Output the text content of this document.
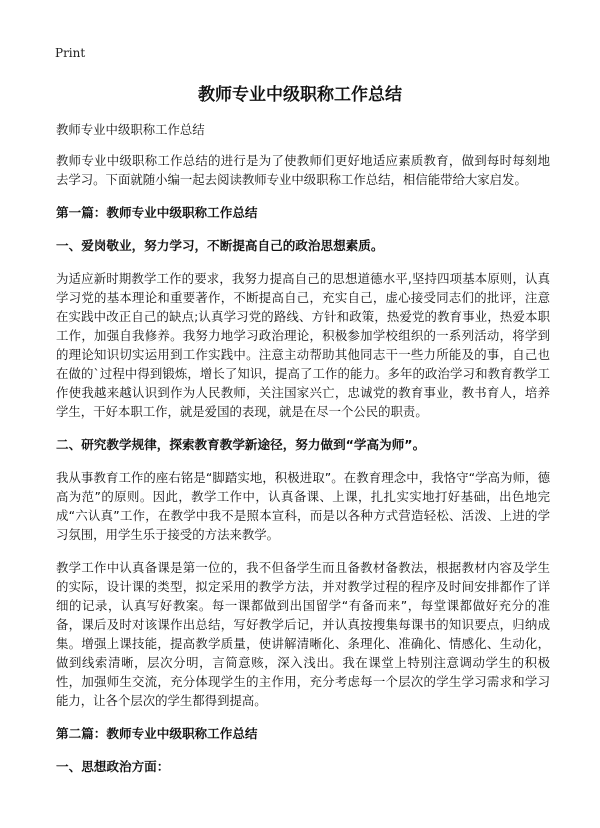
Print
教师专业中级职称工作总结

教师专业中级职称工作总结

教师专业中级职称工作总结的进行是为了使教师们更好地适应素质教育，做到每时每刻地去学习。下面就随小编一起去阅读教师专业中级职称工作总结，相信能带给大家启发。

第一篇：教师专业中级职称工作总结
一、爱岗敬业，努力学习，不断提高自己的政治思想素质。

为适应新时期教学工作的要求，我努力提高自己的思想道德水平,坚持四项基本原则，认真学习党的基本理论和重要著作，不断提高自己，充实自己，虚心接受同志们的批评，注意在实践中改正自己的缺点;认真学习党的路线、方针和政策，热爱党的教育事业，热爱本职工作，加强自我修养。我努力地学习政治理论，积极参加学校组织的一系列活动，将学到的理论知识切实运用到工作实践中。注意主动帮助其他同志干一些力所能及的事，自己也在做的`过程中得到锻炼，增长了知识，提高了工作的能力。多年的政治学习和教育教学工作使我越来越认识到作为人民教师，关注国家兴亡，忠诚党的教育事业，教书育人，培养学生，干好本职工作，就是爱国的表现，就是在尽一个公民的职责。

二、研究教学规律，探索教育教学新途径，努力做到“学高为师”。

我从事教育工作的座右铭是“脚踏实地，积极进取”。在教育理念中，我恪守“学高为师，德高为范”的原则。因此，教学工作中，认真备课、上课，扎扎实实地打好基础，出色地完成“六认真”工作，在教学中我不是照本宣科，而是以各种方式营造轻松、活泼、上进的学习氛围，用学生乐于接受的方法来教学。

教学工作中认真备课是第一位的，我不但备学生而且备教材备教法，根据教材内容及学生的实际，设计课的类型，拟定采用的教学方法，并对教学过程的程序及时间安排都作了详细的记录，认真写好教案。每一课都做到出国留学“有备而来”，每堂课都做好充分的准备，课后及时对该课作出总结，写好教学后记，并认真按搜集每课书的知识要点，归纳成集。增强上课技能，提高教学质量，使讲解清晰化、条理化、准确化、情感化、生动化，做到线索清晰，层次分明，言简意赅，深入浅出。我在课堂上特别注意调动学生的积极性，加强师生交流，充分体现学生的主作用，充分考虑每一个层次的学生学习需求和学习能力，让各个层次的学生都得到提高。

第二篇：教师专业中级职称工作总结
一、思想政治方面：
